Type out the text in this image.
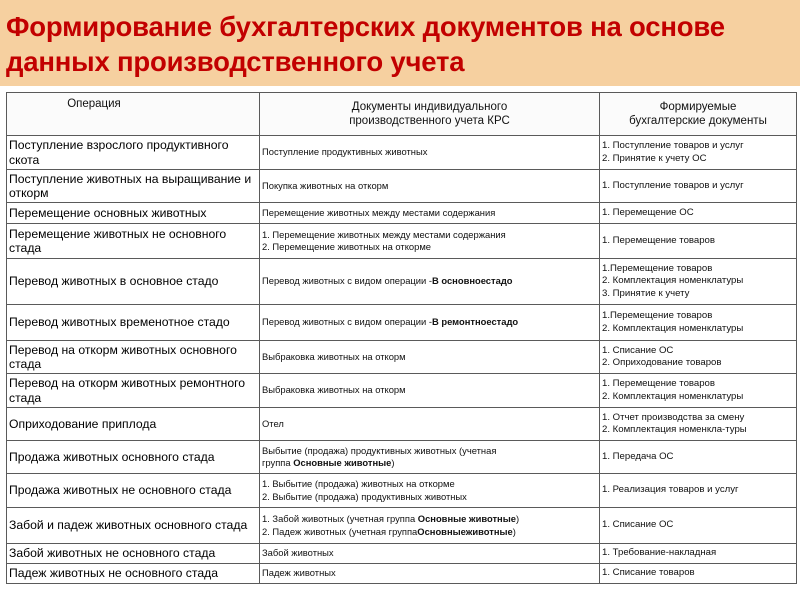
Формирование бухгалтерских документов на основе данных производственного учета
Операция	Документы индивидуального
производственного учета КРС	Формируемые
бухгалтерские документы

Поступление взрослого продуктивного скота	Поступление продуктивных животных	1. Поступление товаров и услуг
2. Принятие к учету ОС

Поступление животных на выращивание и откорм	Покупка животных на откорм	1. Поступление товаров и услуг

Перемещение основных животных	Перемещение животных между местами содержания	1. Перемещение ОС

Перемещение животных не основного стада	1. Перемещение животных между местами содержания
2. Перемещение животных на откорме	1. Перемещение товаров

Перевод животных в основное стадо	Перевод животных с видом операции -В основноестадо	1.Перемещение товаров
2. Комплектация номенклатуры
3. Принятие к учету

Перевод животных временотное стадо	Перевод животных с видом операции -В ремонтноестадо	1.Перемещение товаров
2. Комплектация номенклатуры

Перевод на откорм животных основного стада	Выбраковка животных на откорм	1. Списание ОС
2. Оприходование товаров

Перевод на откорм животных ремонтного стада	Выбраковка животных на откорм	1. Перемещение товаров
2. Комплектация номенклатуры

Оприходование приплода	Отел	1. Отчет производства за смену
2. Комплектация номенкла-туры

Продажа животных основного стада	Выбытие (продажа) продуктивных животных (учетная
группа Основные животные)	1. Передача ОС

Продажа животных не основного стада	1. Выбытие (продажа) животных на откорме
2. Выбытие (продажа) продуктивных животных	1. Реализация товаров и услуг

Забой и падеж животных основного стада	1. Забой животных (учетная группа Основные животные)
2. Падеж животных (учетная группаОсновныеживотные)	1. Списание ОС

Забой животных не основного стада	Забой животных	1. Требование-накладная

Падеж животных не основного стада	Падеж животных	1. Списание товаров
